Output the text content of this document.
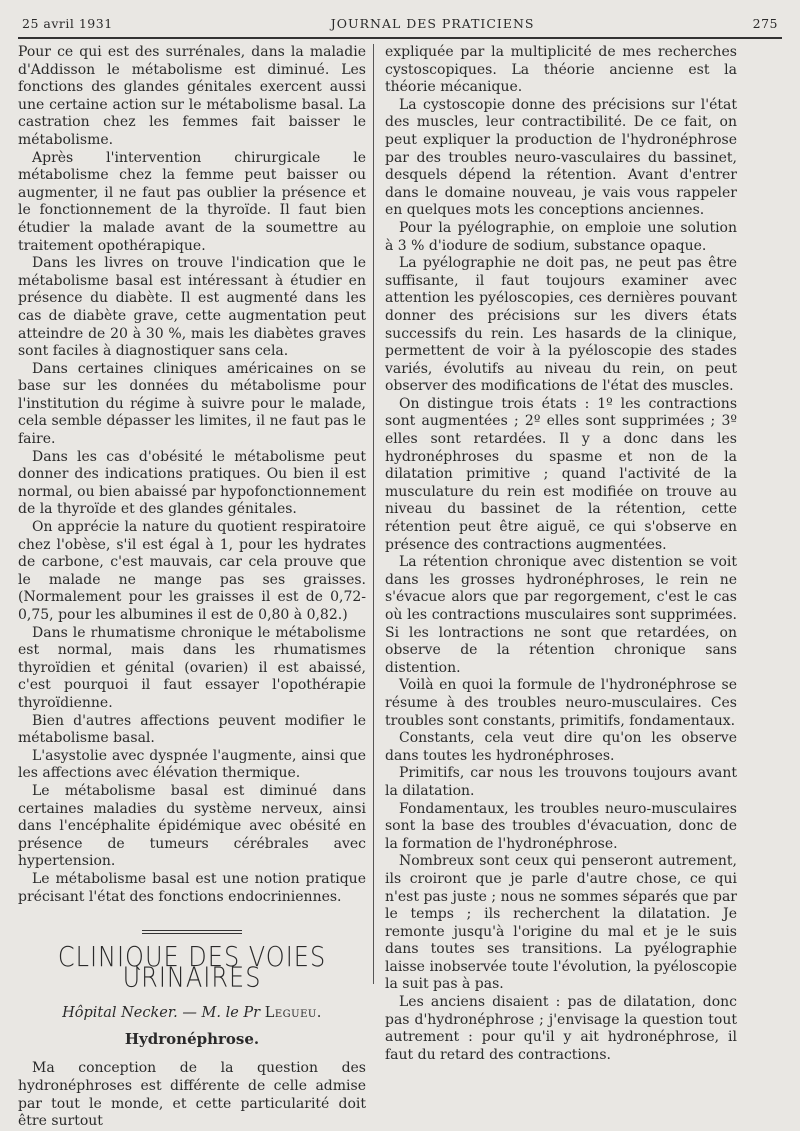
25 avril 1931	JOURNAL DES PRATICIENS	275

Pour ce qui est des surrénales, dans la maladie d'Addisson le métabolisme est diminué. Les fonctions des glandes génitales exercent aussi une certaine action sur le métabolisme basal. La castration chez les femmes fait baisser le métabolisme.

Après l'intervention chirurgicale le métabolisme chez la femme peut baisser ou augmenter, il ne faut pas oublier la présence et le fonctionnement de la thyroïde. Il faut bien étudier la malade avant de la soumettre au traitement opothérapique.

Dans les livres on trouve l'indication que le métabolisme basal est intéressant à étudier en présence du diabète. Il est augmenté dans les cas de diabète grave, cette augmentation peut atteindre de 20 à 30 %, mais les diabètes graves sont faciles à diagnostiquer sans cela.

Dans certaines cliniques américaines on se base sur les données du métabolisme pour l'institution du régime à suivre pour le malade, cela semble dépasser les limites, il ne faut pas le faire.

Dans les cas d'obésité le métabolisme peut donner des indications pratiques. Ou bien il est normal, ou bien abaissé par hypofonctionnement de la thyroïde et des glandes génitales.

On apprécie la nature du quotient respiratoire chez l'obèse, s'il est égal à 1, pour les hydrates de carbone, c'est mauvais, car cela prouve que le malade ne mange pas ses graisses. (Normalement pour les graisses il est de 0,72-0,75, pour les albumines il est de 0,80 à 0,82.)

Dans le rhumatisme chronique le métabolisme est normal, mais dans les rhumatismes thyroïdien et génital (ovarien) il est abaissé, c'est pourquoi il faut essayer l'opothérapie thyroïdienne.

Bien d'autres affections peuvent modifier le métabolisme basal.

L'asystolie avec dyspnée l'augmente, ainsi que les affections avec élévation thermique.

Le métabolisme basal est diminué dans certaines maladies du système nerveux, ainsi dans l'encéphalite épidémique avec obésité en présence de tumeurs cérébrales avec hypertension.

Le métabolisme basal est une notion pratique précisant l'état des fonctions endocriniennes.

CLINIQUE DES VOIES URINAIRES
Hôpital Necker. — M. le Pr Legueu.
Hydronéphrose.

Ma conception de la question des hydronéphroses est différente de celle admise par tout le monde, et cette particularité doit être surtout

expliquée par la multiplicité de mes recherches cystoscopiques. La théorie ancienne est la théorie mécanique.

La cystoscopie donne des précisions sur l'état des muscles, leur contractibilité. De ce fait, on peut expliquer la production de l'hydronéphrose par des troubles neuro-vasculaires du bassinet, desquels dépend la rétention. Avant d'entrer dans le domaine nouveau, je vais vous rappeler en quelques mots les conceptions anciennes.

Pour la pyélographie, on emploie une solution à 3 % d'iodure de sodium, substance opaque.

La pyélographie ne doit pas, ne peut pas être suffisante, il faut toujours examiner avec attention les pyéloscopies, ces dernières pouvant donner des précisions sur les divers états successifs du rein. Les hasards de la clinique, permettent de voir à la pyéloscopie des stades variés, évolutifs au niveau du rein, on peut observer des modifications de l'état des muscles.

On distingue trois états : 1º les contractions sont augmentées ; 2º elles sont supprimées ; 3º elles sont retardées. Il y a donc dans les hydronéphroses du spasme et non de la dilatation primitive ; quand l'activité de la musculature du rein est modifiée on trouve au niveau du bassinet de la rétention, cette rétention peut être aiguë, ce qui s'observe en présence des contractions augmentées.

La rétention chronique avec distention se voit dans les grosses hydronéphroses, le rein ne s'évacue alors que par regorgement, c'est le cas où les contractions musculaires sont supprimées. Si les lontractions ne sont que retardées, on observe de la rétention chronique sans distention.

Voilà en quoi la formule de l'hydronéphrose se résume à des troubles neuro-musculaires. Ces troubles sont constants, primitifs, fondamentaux.

Constants, cela veut dire qu'on les observe dans toutes les hydronéphroses.

Primitifs, car nous les trouvons toujours avant la dilatation.

Fondamentaux, les troubles neuro-musculaires sont la base des troubles d'évacuation, donc de la formation de l'hydronéphrose.

Nombreux sont ceux qui penseront autrement, ils croiront que je parle d'autre chose, ce qui n'est pas juste ; nous ne sommes séparés que par le temps ; ils recherchent la dilatation. Je remonte jusqu'à l'origine du mal et je le suis dans toutes ses transitions. La pyélographie laisse inobservée toute l'évolution, la pyéloscopie la suit pas à pas.

Les anciens disaient : pas de dilatation, donc pas d'hydronéphrose ; j'envisage la question tout autrement : pour qu'il y ait hydronéphrose, il faut du retard des contractions.
